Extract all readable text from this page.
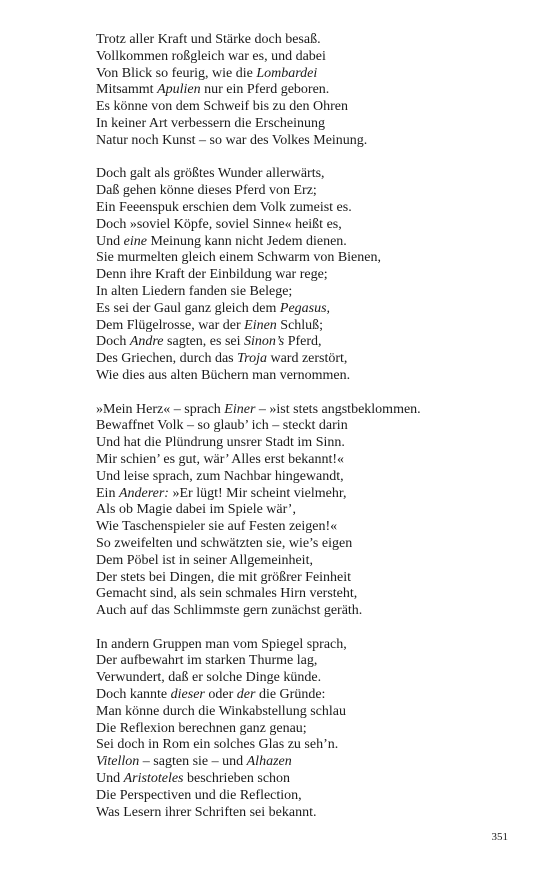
Trotz aller Kraft und Stärke doch besaß.
Vollkommen roßgleich war es, und dabei
Von Blick so feurig, wie die Lombardei
Mitsammt Apulien nur ein Pferd geboren.
Es könne von dem Schweif bis zu den Ohren
In keiner Art verbessern die Erscheinung
Natur noch Kunst – so war des Volkes Meinung.
Doch galt als größtes Wunder allerwärts,
Daß gehen könne dieses Pferd von Erz;
Ein Feeenspuk erschien dem Volk zumeist es.
Doch »soviel Köpfe, soviel Sinne« heißt es,
Und eine Meinung kann nicht Jedem dienen.
Sie murmelten gleich einem Schwarm von Bienen,
Denn ihre Kraft der Einbildung war rege;
In alten Liedern fanden sie Belege;
Es sei der Gaul ganz gleich dem Pegasus,
Dem Flügelrosse, war der Einen Schluß;
Doch Andre sagten, es sei Sinon’s Pferd,
Des Griechen, durch das Troja ward zerstört,
Wie dies aus alten Büchern man vernommen.
»Mein Herz« – sprach Einer – »ist stets angstbeklommen.
Bewaffnet Volk – so glaub’ ich – steckt darin
Und hat die Plündrung unsrer Stadt im Sinn.
Mir schien’ es gut, wär’ Alles erst bekannt!«
Und leise sprach, zum Nachbar hingewandt,
Ein Anderer: »Er lügt! Mir scheint vielmehr,
Als ob Magie dabei im Spiele wär’,
Wie Taschenspieler sie auf Festen zeigen!«
So zweifelten und schwätzten sie, wie’s eigen
Dem Pöbel ist in seiner Allgemeinheit,
Der stets bei Dingen, die mit größrer Feinheit
Gemacht sind, als sein schmales Hirn versteht,
Auch auf das Schlimmste gern zunächst geräth.
In andern Gruppen man vom Spiegel sprach,
Der aufbewahrt im starken Thurme lag,
Verwundert, daß er solche Dinge künde.
Doch kannte dieser oder der die Gründe:
Man könne durch die Winkabstellung schlau
Die Reflexion berechnen ganz genau;
Sei doch in Rom ein solches Glas zu seh’n.
Vitellon – sagten sie – und Alhazen
Und Aristoteles beschrieben schon
Die Perspectiven und die Reflection,
Was Lesern ihrer Schriften sei bekannt.
351
